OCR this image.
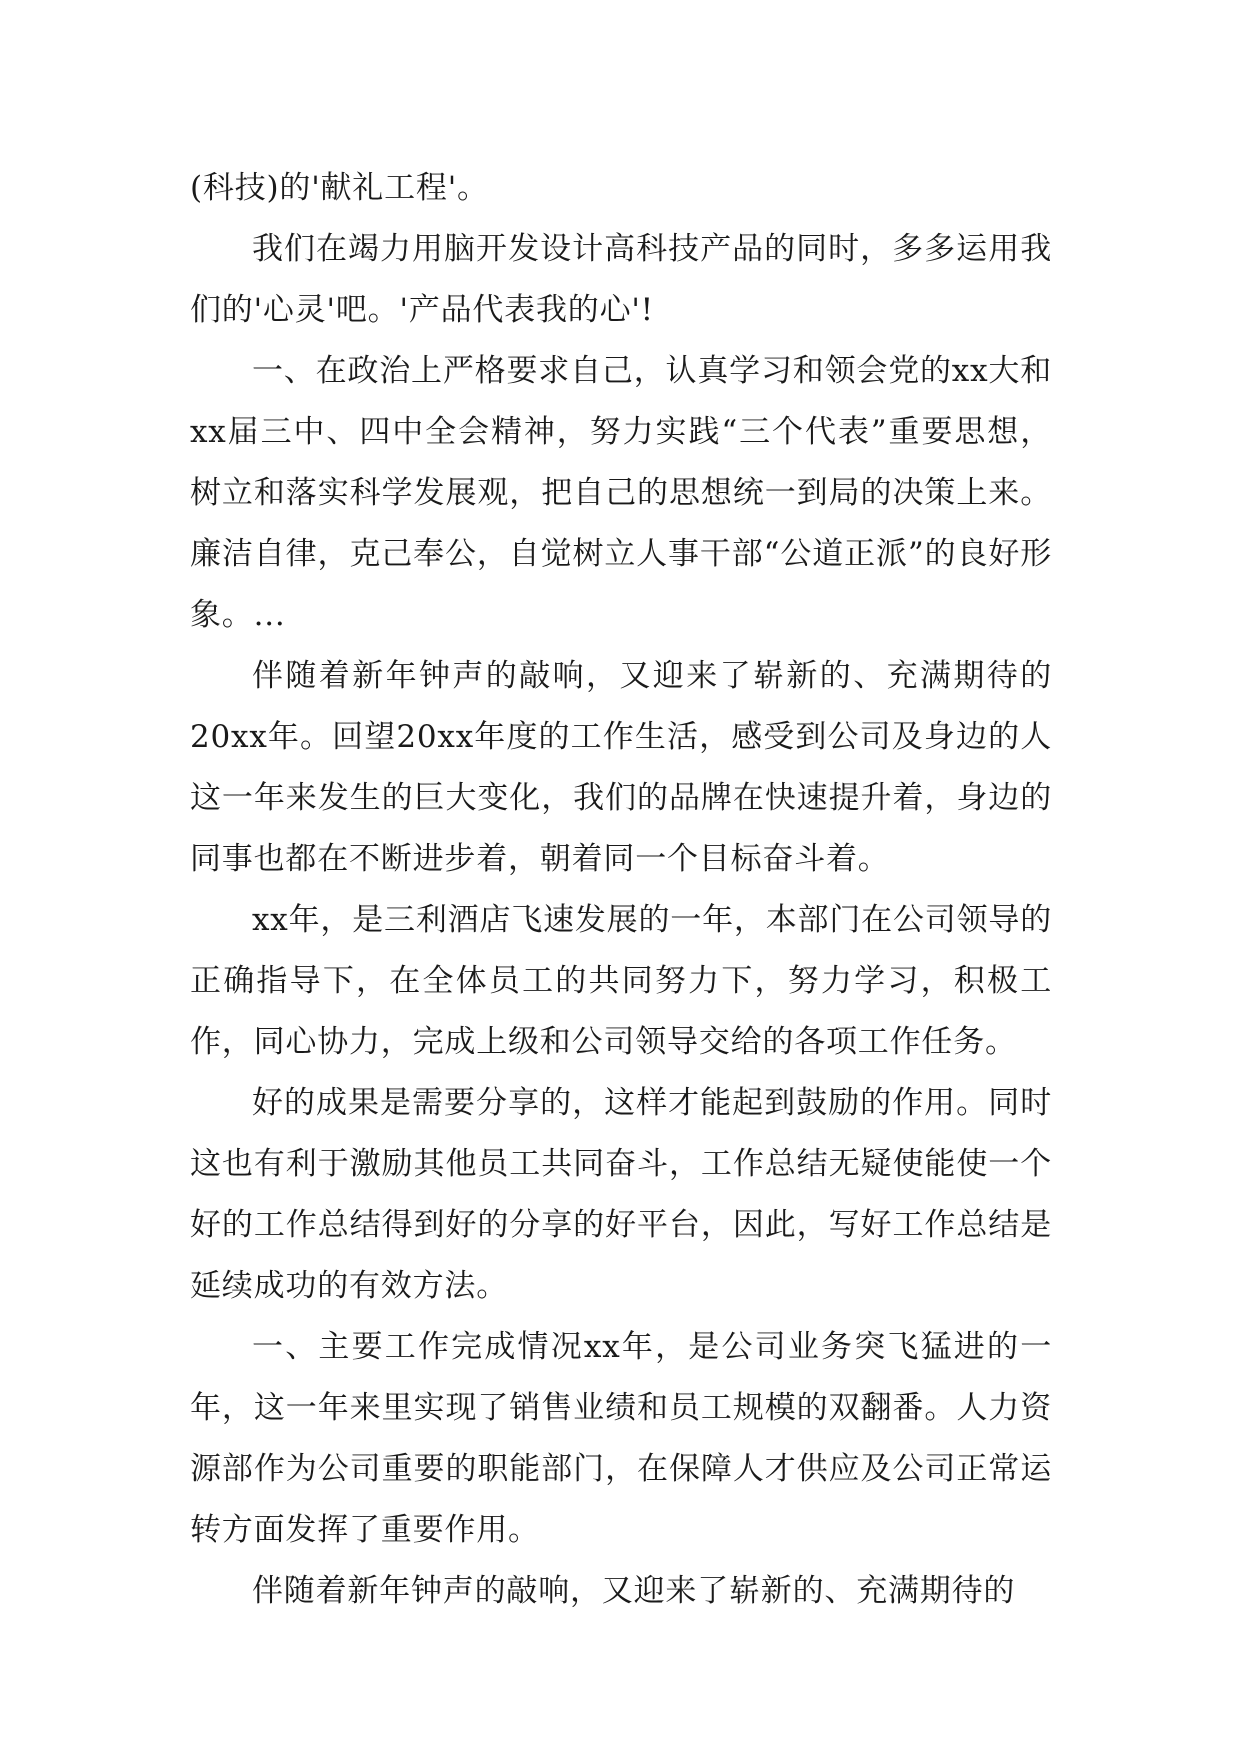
(科技)的'献礼工程'。

我们在竭力用脑开发设计高科技产品的同时，多多运用我们的'心灵'吧。'产品代表我的心'!

一、在政治上严格要求自己，认真学习和领会党的xx大和xx届三中、四中全会精神，努力实践“三个代表”重要思想，树立和落实科学发展观，把自己的思想统一到局的决策上来。廉洁自律，克己奉公，自觉树立人事干部“公道正派”的良好形象。...

伴随着新年钟声的敲响，又迎来了崭新的、充满期待的20xx年。回望20xx年度的工作生活，感受到公司及身边的人这一年来发生的巨大变化，我们的品牌在快速提升着，身边的同事也都在不断进步着，朝着同一个目标奋斗着。

xx年，是三利酒店飞速发展的一年，本部门在公司领导的正确指导下，在全体员工的共同努力下，努力学习，积极工作，同心协力，完成上级和公司领导交给的各项工作任务。

好的成果是需要分享的，这样才能起到鼓励的作用。同时这也有利于激励其他员工共同奋斗，工作总结无疑使能使一个好的工作总结得到好的分享的好平台，因此，写好工作总结是延续成功的有效方法。

一、主要工作完成情况xx年，是公司业务突飞猛进的一年，这一年来里实现了销售业绩和员工规模的双翻番。人力资源部作为公司重要的职能部门，在保障人才供应及公司正常运转方面发挥了重要作用。

伴随着新年钟声的敲响，又迎来了崭新的、充满期待的
